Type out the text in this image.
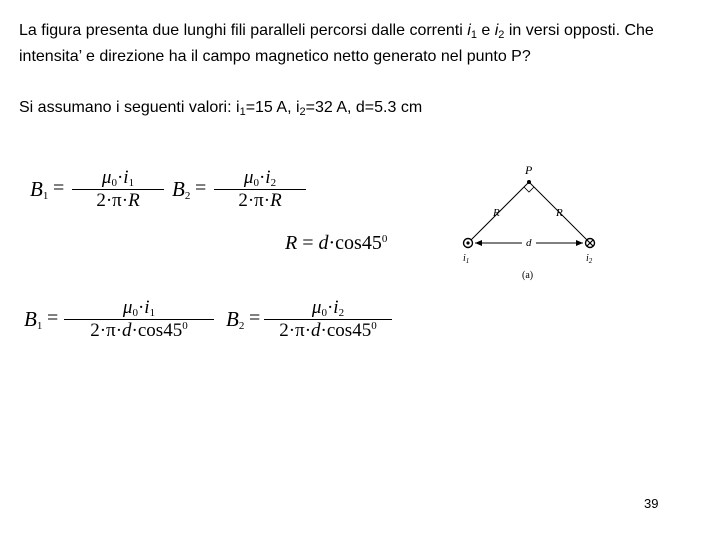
La figura presenta due lunghi fili paralleli percorsi dalle correnti $i_1$ e $i_2$ in versi opposti. Che intensita’ e direzione ha il campo magnetico netto generato nel punto P?
Si assumano i seguenti valori: $i_1=15$ A, $i_2=32$ A, d=5.3 cm
$B_1 = \frac{\mu_0\cdot i_1}{2\cdot\pi\cdot R} B_2 = \frac{\mu_0\cdot i_2}{2\cdot\pi\cdot R}$
$R = d\cdot\cos 45^0$
$B_1 = \frac{\mu_0\cdot i_1}{2\cdot\pi\cdot d\cdot\cos 45^0} B_2 = \frac{\mu_0\cdot i_2}{2\cdot\pi\cdot d\cdot\cos 45^0}$
P
R	R
d
$i_1$	$i_2$
(a)
39
